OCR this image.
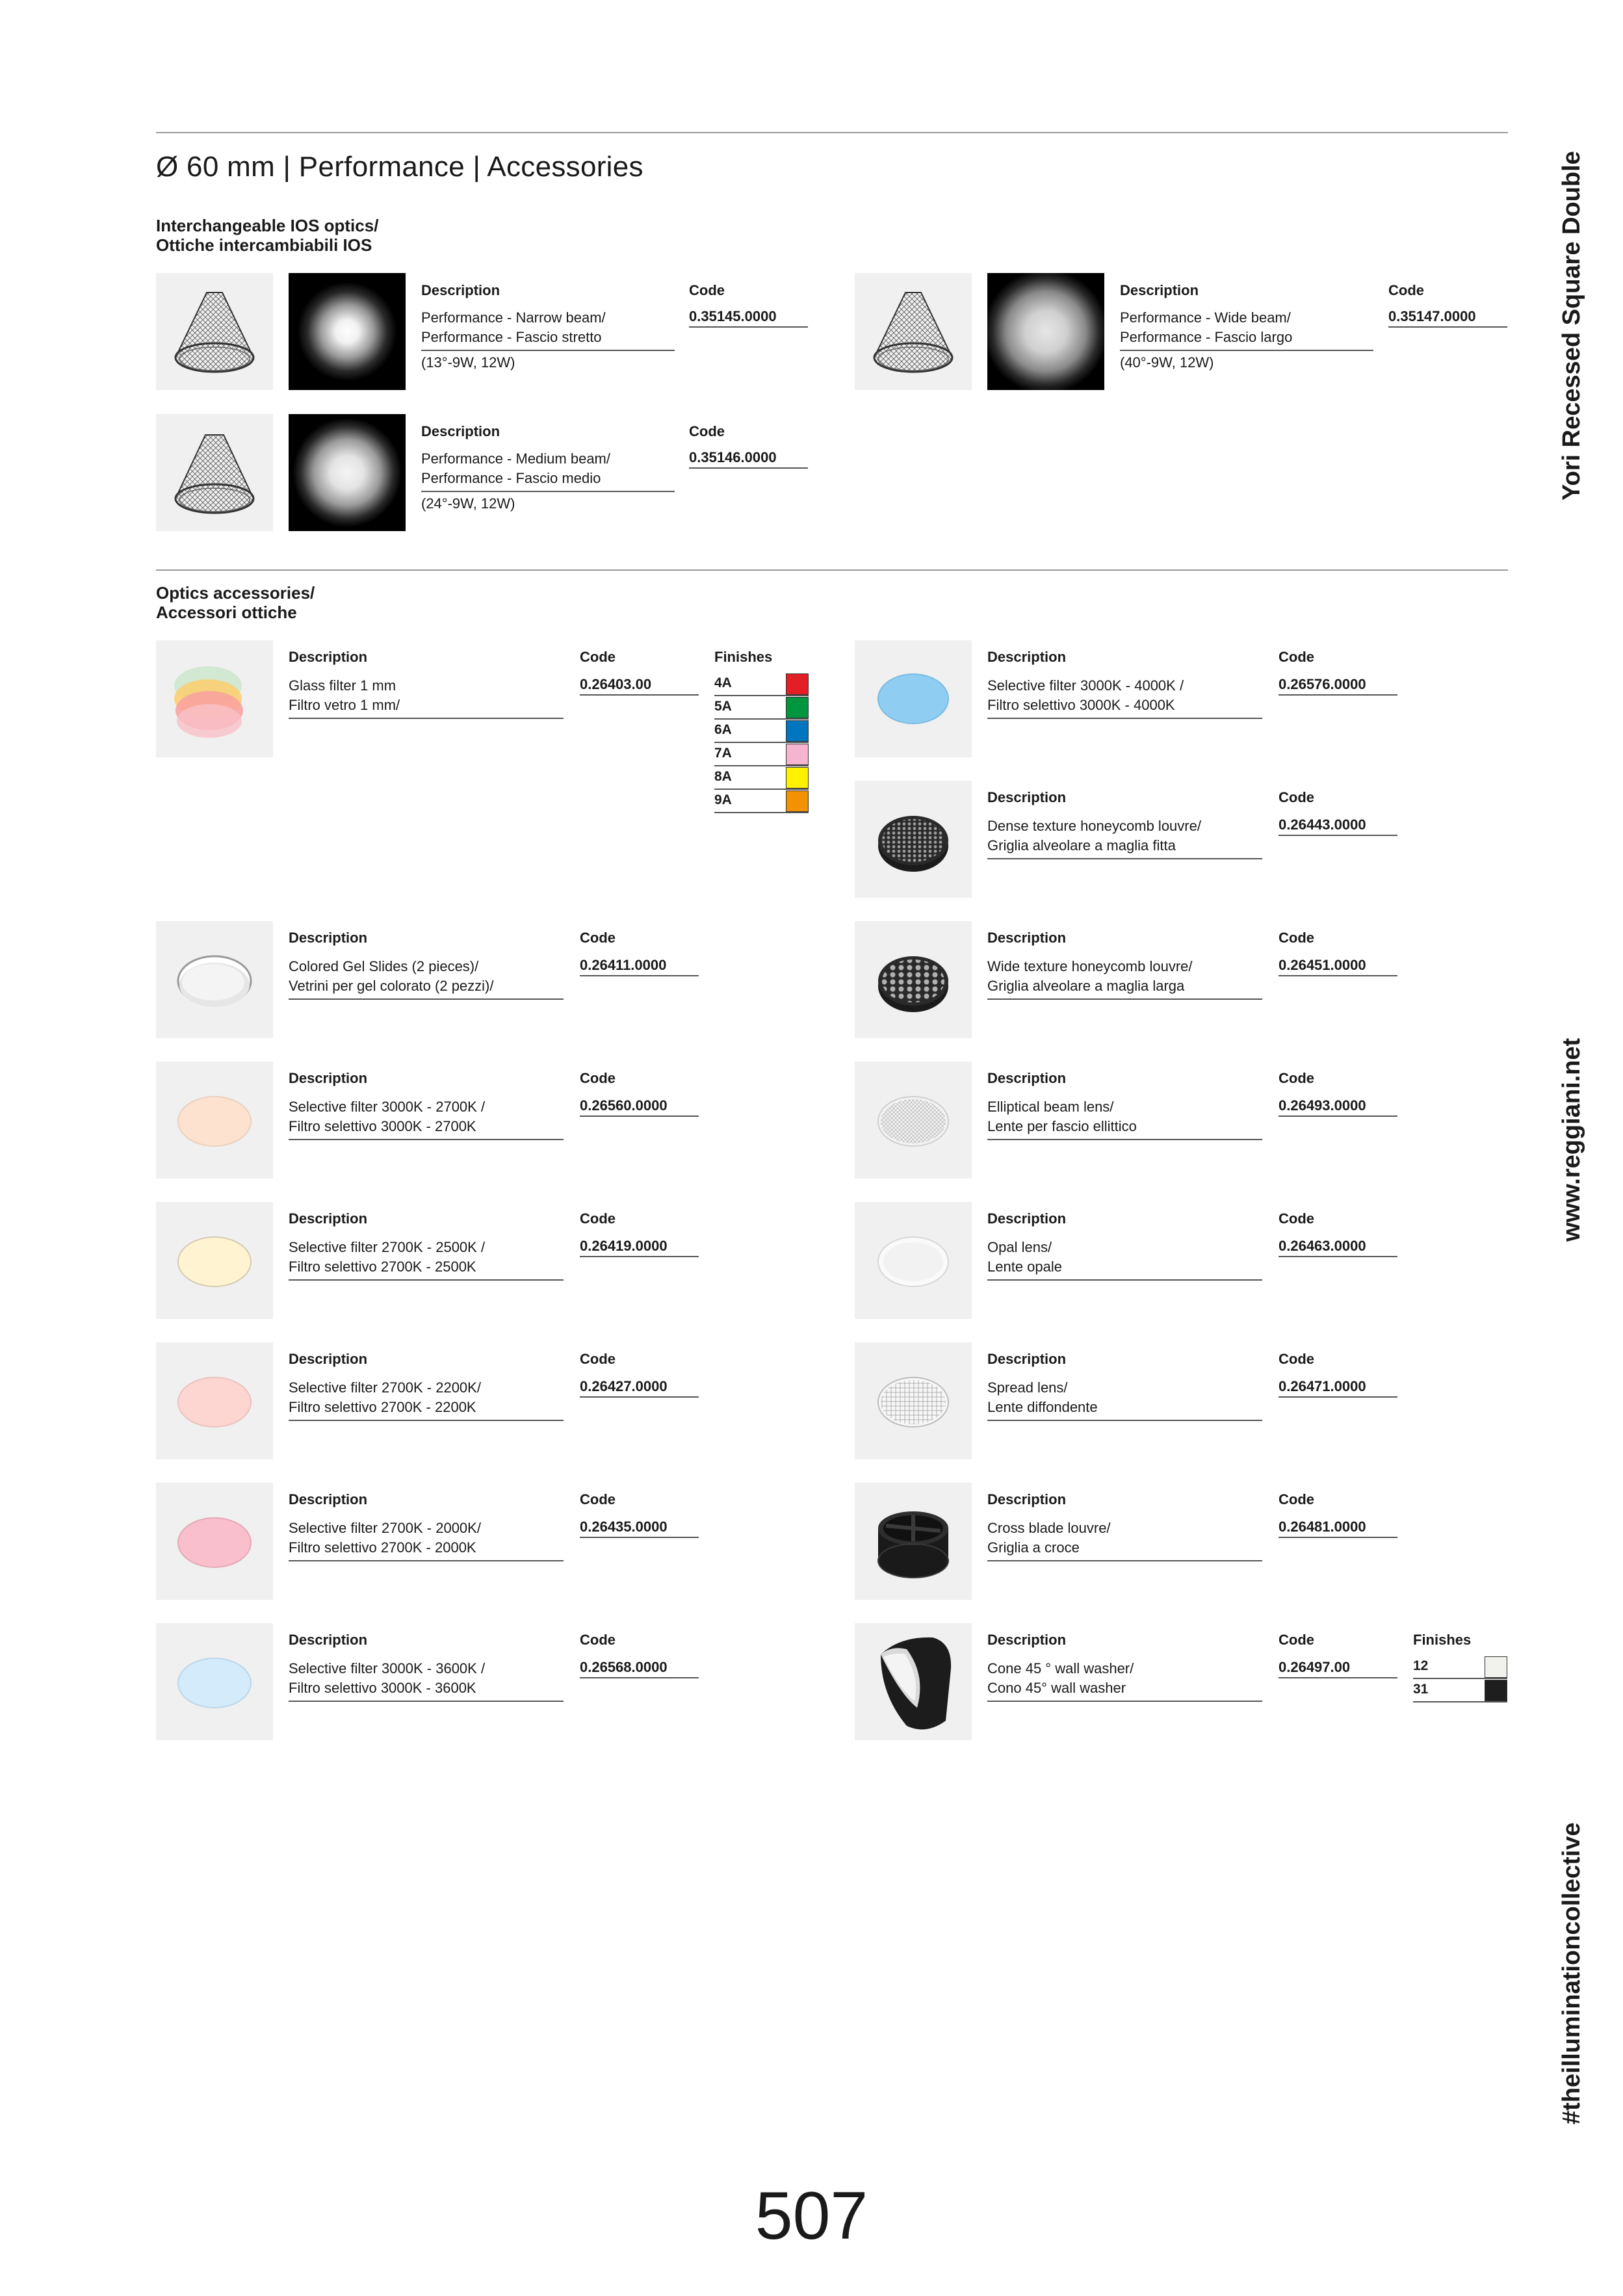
Ø 60 mm | Performance | Accessories
Interchangeable IOS optics/
Ottiche intercambiabili IOS
Description
Performance - Narrow beam/
Performance - Fascio stretto
(13°-9W, 12W)
Code
0.35145.0000
Description
Performance - Wide beam/
Performance - Fascio largo
(40°-9W, 12W)
Code
0.35147.0000
Description
Performance - Medium beam/
Performance - Fascio medio
(24°-9W, 12W)
Code
0.35146.0000
Optics accessories/
Accessori ottiche
Description
Glass filter 1 mm
Filtro vetro 1 mm/
Code
0.26403.00
Finishes
4A
5A
6A
7A
8A
9A
Description
Colored Gel Slides (2 pieces)/
Vetrini per gel colorato (2 pezzi)/
Code
0.26411.0000
Description
Selective filter 3000K - 2700K /
Filtro selettivo 3000K - 2700K
Code
0.26560.0000
Description
Selective filter 2700K - 2500K /
Filtro selettivo 2700K - 2500K
Code
0.26419.0000
Description
Selective filter 2700K - 2200K/
Filtro selettivo 2700K - 2200K
Code
0.26427.0000
Description
Selective filter 2700K - 2000K/
Filtro selettivo 2700K - 2000K
Code
0.26435.0000
Description
Selective filter 3000K - 3600K /
Filtro selettivo 3000K - 3600K
Code
0.26568.0000
Description
Selective filter 3000K - 4000K /
Filtro selettivo 3000K - 4000K
Code
0.26576.0000
Description
Dense texture honeycomb louvre/
Griglia alveolare a maglia fitta
Code
0.26443.0000
Description
Wide texture honeycomb louvre/
Griglia alveolare a maglia larga
Code
0.26451.0000
Description
Elliptical beam lens/
Lente per fascio ellittico
Code
0.26493.0000
Description
Opal lens/
Lente opale
Code
0.26463.0000
Description
Spread lens/
Lente diffondente
Code
0.26471.0000
Description
Cross blade louvre/
Griglia a croce
Code
0.26481.0000
Description
Cone 45 ° wall washer/
Cono 45° wall washer
Code
0.26497.00
Finishes
12
31
Yori Recessed Square Double
www.reggiani.net
#theilluminationcollective
507
